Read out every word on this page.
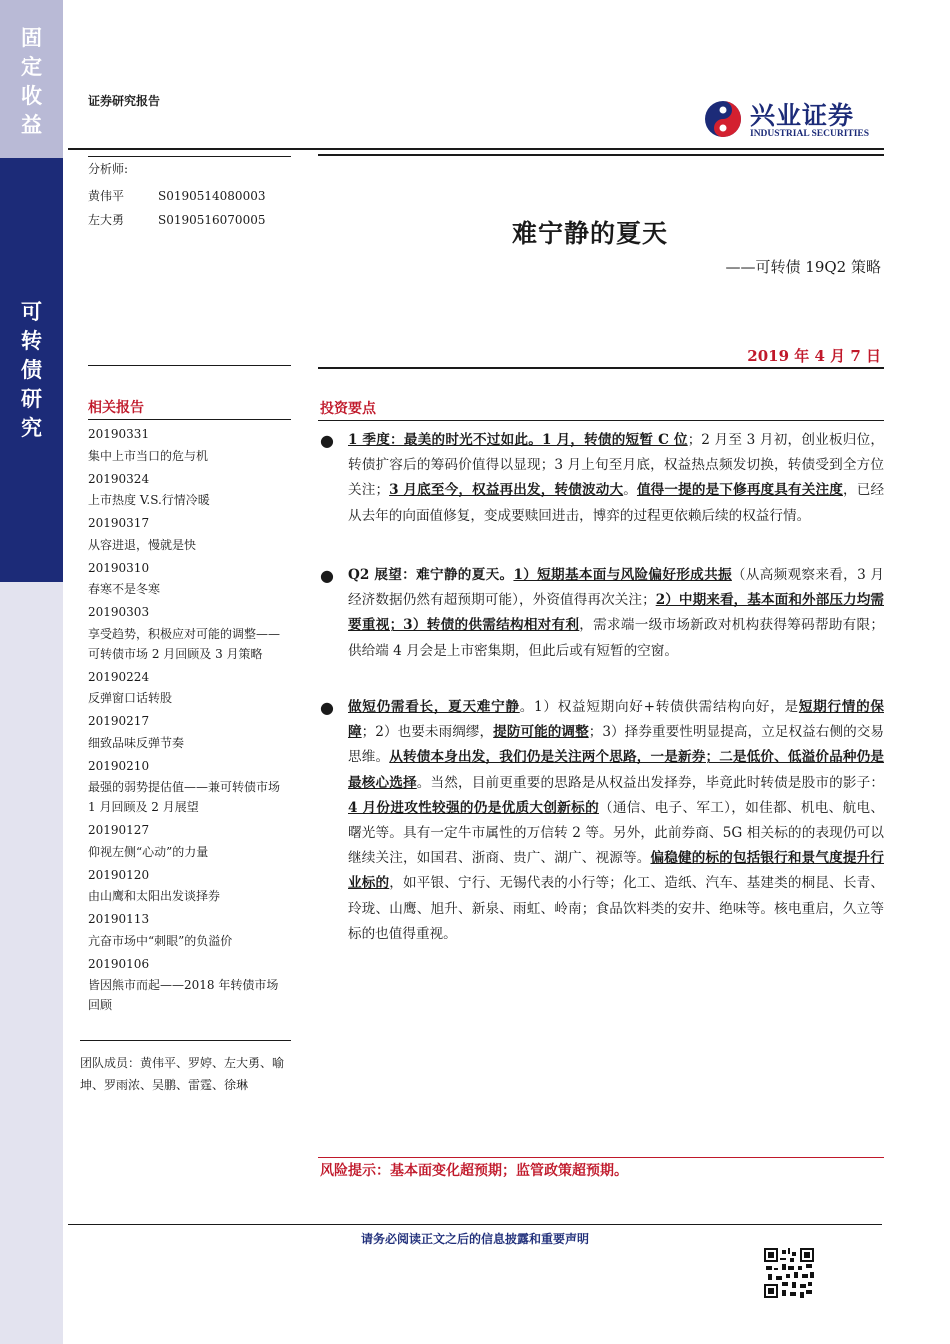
固
定
收
益
可
转
债
研
究
证券研究报告	兴业证券
INDUSTRIAL SECURITIES
分析师:
黄伟平	S0190514080003
左大勇	S0190516070005	难宁静的夏天
——可转债 19Q2 策略
2019 年 4 月 7 日
相关报告
20190331
集中上市当口的危与机
20190324
上市热度 V.S.行情冷暖
20190317
从容进退，慢就是快
20190310
春寒不是冬寒
20190303
享受趋势，积极应对可能的调整——可转债市场 2 月回顾及 3 月策略
20190224
反弹窗口话转股
20190217
细致品味反弹节奏
20190210
最强的弱势提估值——兼可转债市场 1 月回顾及 2 月展望
20190127
仰视左侧“心动”的力量
20190120
由山鹰和太阳出发谈择券
20190113
亢奋市场中“刺眼”的负溢价
20190106
皆因熊市而起——2018 年转债市场回顾
团队成员：黄伟平、罗婷、左大勇、喻坤、罗雨浓、吴鹏、雷霆、徐琳
投资要点
● 1 季度：最美的时光不过如此。1 月，转债的短暂 C 位；2 月至 3 月初，创业板归位，转债扩容后的筹码价值得以显现；3 月上旬至月底，权益热点频发切换，转债受到全方位关注；3 月底至今，权益再出发，转债波动大。值得一提的是下修再度具有关注度，已经从去年的向面值修复，变成要赎回进击，博弈的过程更依赖后续的权益行情。
● Q2 展望：难宁静的夏天。1）短期基本面与风险偏好形成共振（从高频观察来看，3 月经济数据仍然有超预期可能），外资值得再次关注；2）中期来看，基本面和外部压力均需要重视；3）转债的供需结构相对有利，需求端一级市场新政对机构获得筹码帮助有限；供给端 4 月会是上市密集期，但此后或有短暂的空窗。
● 做短仍需看长，夏天难宁静。1）权益短期向好+转债供需结构向好，是短期行情的保障；2）也要未雨绸缪，提防可能的调整；3）择券重要性明显提高，立足权益右侧的交易思维。从转债本身出发，我们仍是关注两个思路，一是新券；二是低价、低溢价品种仍是最核心选择。当然，目前更重要的思路是从权益出发择券，毕竟此时转债是股市的影子：4 月份进攻性较强的仍是优质大创新标的（通信、电子、军工），如佳都、机电、航电、曙光等。具有一定牛市属性的万信转 2 等。另外，此前券商、5G 相关标的的表现仍可以继续关注，如国君、浙商、贵广、湖广、视源等。偏稳健的标的包括银行和景气度提升行业标的，如平银、宁行、无锡代表的小行等；化工、造纸、汽车、基建类的桐昆、长青、玲珑、山鹰、旭升、新泉、雨虹、岭南；食品饮料类的安井、绝味等。核电重启，久立等标的也值得重视。
风险提示：基本面变化超预期；监管政策超预期。
请务必阅读正文之后的信息披露和重要声明
